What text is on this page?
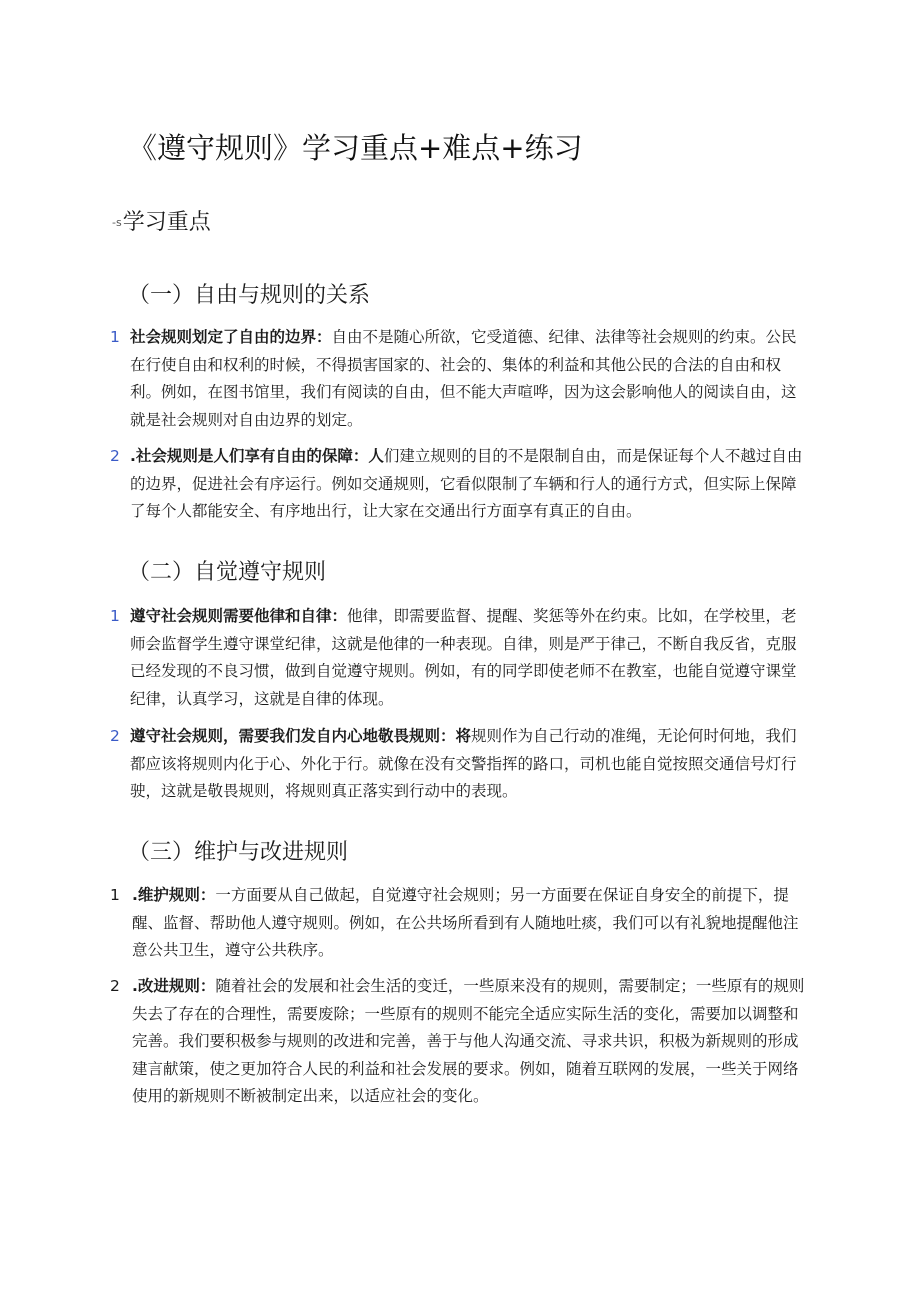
《遵守规则》学习重点+难点+练习
-s学习重点
（一）自由与规则的关系
1 社会规则划定了自由的边界：自由不是随心所欲，它受道德、纪律、法律等社会规则的约束。公民在行使自由和权利的时候，不得损害国家的、社会的、集体的利益和其他公民的合法的自由和权利。例如，在图书馆里，我们有阅读的自由，但不能大声喧哗，因为这会影响他人的阅读自由，这就是社会规则对自由边界的划定。
2 .社会规则是人们享有自由的保障：人们建立规则的目的不是限制自由，而是保证每个人不越过自由的边界，促进社会有序运行。例如交通规则，它看似限制了车辆和行人的通行方式，但实际上保障了每个人都能安全、有序地出行，让大家在交通出行方面享有真正的自由。
（二）自觉遵守规则
1 遵守社会规则需要他律和自律：他律，即需要监督、提醒、奖惩等外在约束。比如，在学校里，老师会监督学生遵守课堂纪律，这就是他律的一种表现。自律，则是严于律己，不断自我反省，克服已经发现的不良习惯，做到自觉遵守规则。例如，有的同学即使老师不在教室，也能自觉遵守课堂纪律，认真学习，这就是自律的体现。
2 遵守社会规则，需要我们发自内心地敬畏规则：将规则作为自己行动的准绳，无论何时何地，我们都应该将规则内化于心、外化于行。就像在没有交警指挥的路口，司机也能自觉按照交通信号灯行驶，这就是敬畏规则，将规则真正落实到行动中的表现。
（三）维护与改进规则
1 .维护规则：一方面要从自己做起，自觉遵守社会规则；另一方面要在保证自身安全的前提下，提醒、监督、帮助他人遵守规则。例如，在公共场所看到有人随地吐痰，我们可以有礼貌地提醒他注意公共卫生，遵守公共秩序。
2 .改进规则：随着社会的发展和社会生活的变迁，一些原来没有的规则，需要制定；一些原有的规则失去了存在的合理性，需要废除；一些原有的规则不能完全适应实际生活的变化，需要加以调整和完善。我们要积极参与规则的改进和完善，善于与他人沟通交流、寻求共识，积极为新规则的形成建言献策，使之更加符合人民的利益和社会发展的要求。例如，随着互联网的发展，一些关于网络使用的新规则不断被制定出来，以适应社会的变化。
